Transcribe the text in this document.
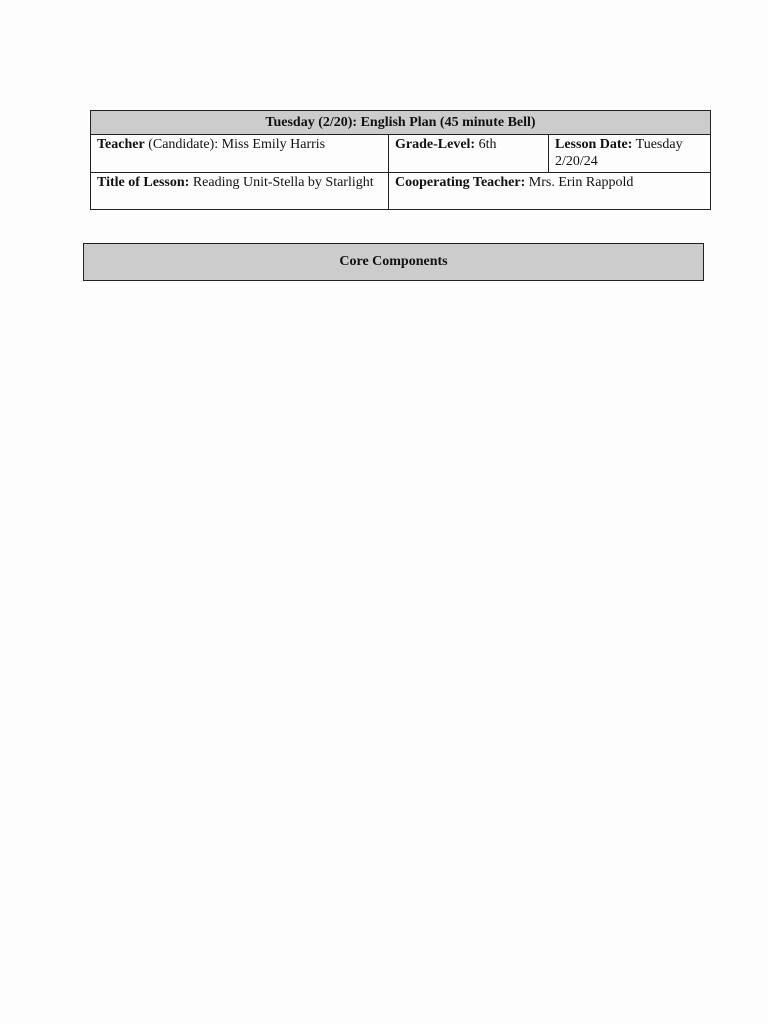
Tuesday (2/20): English Plan (45 minute Bell)		
Teacher (Candidate): Miss Emily Harris	Grade-Level: 6th	Lesson Date: Tuesday 2/20/24
Title of Lesson: Reading Unit-Stella by Starlight	Cooperating Teacher: Mrs. Erin Rappold	
Core Components
